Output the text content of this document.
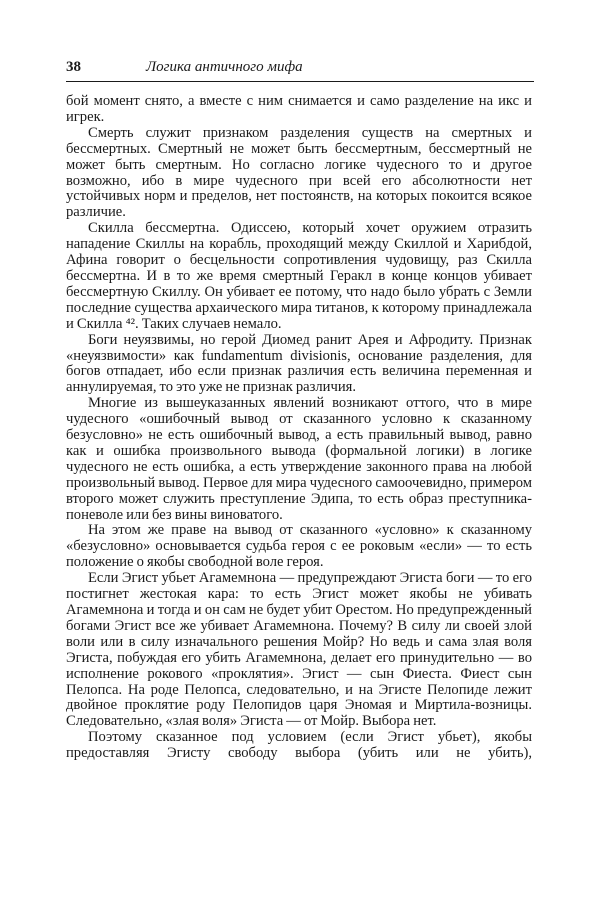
38	Логика античного мифа

бой момент снято, а вместе с ним снимается и само разделение на икс и игрек.

Смерть служит признаком разделения существ на смертных и бессмертных. Смертный не может быть бессмертным, бессмертный не может быть смертным. Но согласно логике чудесного то и другое возможно, ибо в мире чудесного при всей его абсолютности нет устойчивых норм и пределов, нет постоянств, на которых покоится всякое различие.

Скилла бессмертна. Одиссею, который хочет оружием отразить нападение Скиллы на корабль, проходящий между Скиллой и Харибдой, Афина говорит о бесцельности сопротивления чудовищу, раз Скилла бессмертна. И в то же время смертный Геракл в конце концов убивает бессмертную Скиллу. Он убивает ее потому, что надо было убрать с Земли последние существа архаического мира титанов, к которому принадлежала и Скилла ⁴². Таких случаев немало.

Боги неуязвимы, но герой Диомед ранит Арея и Афродиту. Признак «неуязвимости» как fundamentum divisionis, основание разделения, для богов отпадает, ибо если признак различия есть величина переменная и аннулируемая, то это уже не признак различия.

Многие из вышеуказанных явлений возникают оттого, что в мире чудесного «ошибочный вывод от сказанного условно к сказанному безусловно» не есть ошибочный вывод, а есть правильный вывод, равно как и ошибка произвольного вывода (формальной логики) в логике чудесного не есть ошибка, а есть утверждение законного права на любой произвольный вывод. Первое для мира чудесного самоочевидно, примером второго может служить преступление Эдипа, то есть образ преступника-поневоле или без вины виноватого.

На этом же праве на вывод от сказанного «условно» к сказанному «безусловно» основывается судьба героя с ее роковым «если» — то есть положение о якобы свободной воле героя.

Если Эгист убьет Агамемнона — предупреждают Эгиста боги — то его постигнет жестокая кара: то есть Эгист может якобы не убивать Агамемнона и тогда и он сам не будет убит Орестом. Но предупрежденный богами Эгист все же убивает Агамемнона. Почему? В силу ли своей злой воли или в силу изначального решения Мойр? Но ведь и сама злая воля Эгиста, побуждая его убить Агамемнона, делает его принудительно — во исполнение рокового «проклятия». Эгист — сын Фиеста. Фиест сын Пелопса. На роде Пелопса, следовательно, и на Эгисте Пелопиде лежит двойное проклятие роду Пелопидов царя Эномая и Миртила-возницы. Следовательно, «злая воля» Эгиста — от Мойр. Выбора нет.

Поэтому сказанное под условием (если Эгист убьет), якобы предоставляя Эгисту свободу выбора (убить или не убить),
